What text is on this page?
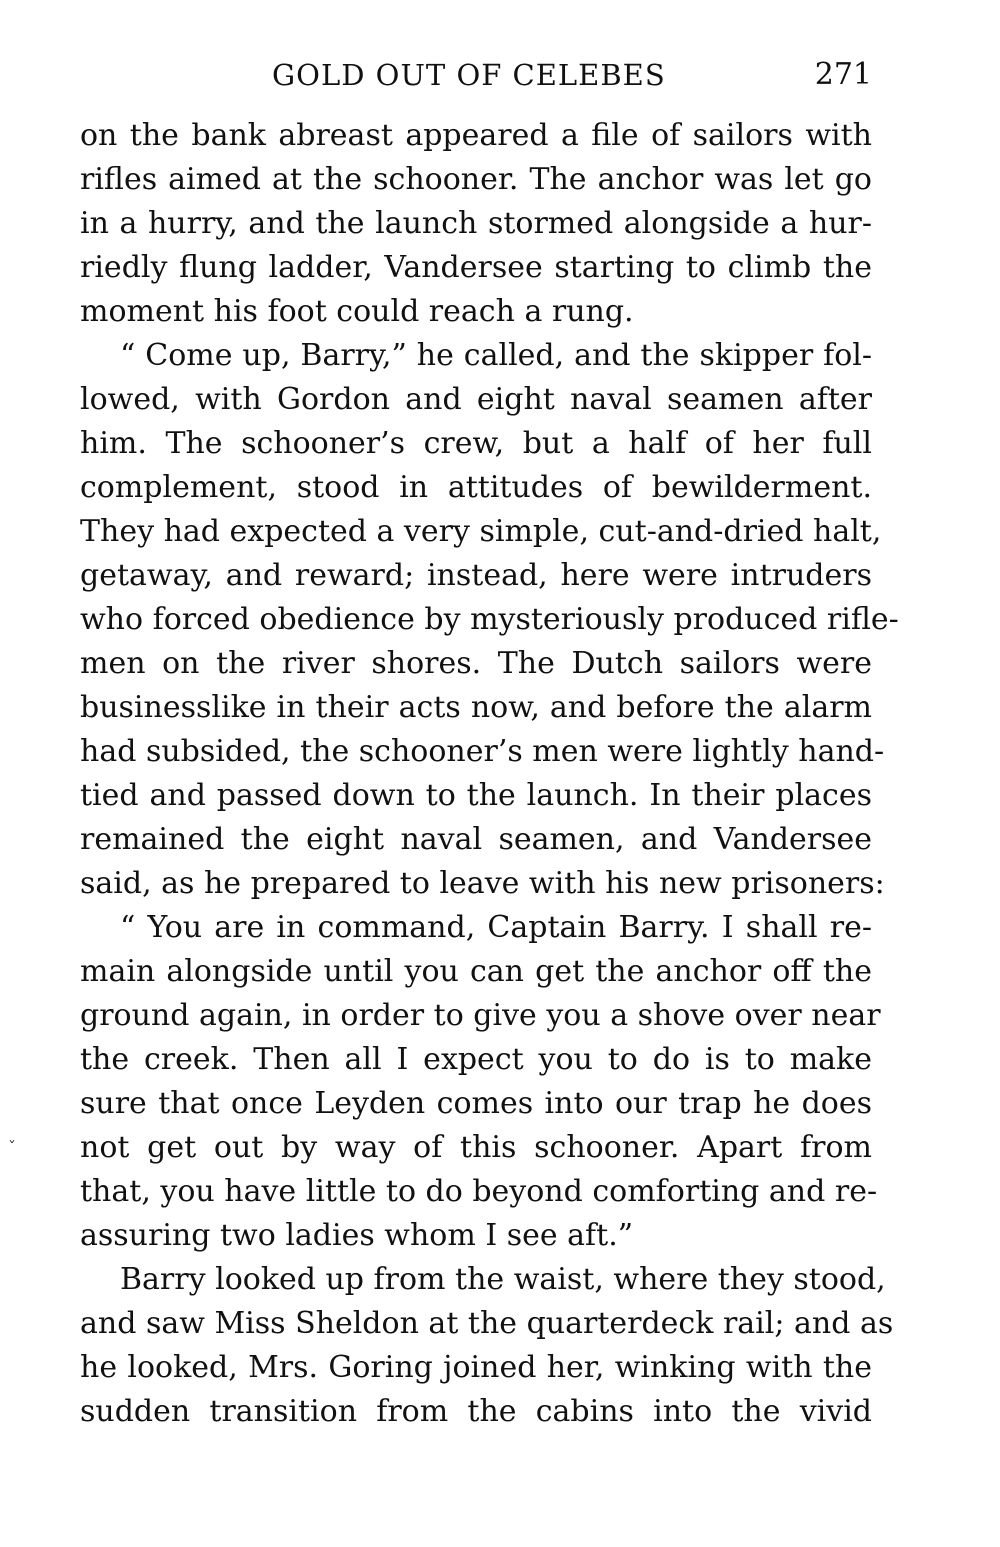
GOLD OUT OF CELEBES	271
on the bank abreast appeared a file of sailors with
rifles aimed at the schooner. The anchor was let go
in a hurry, and the launch stormed alongside a hur-
riedly flung ladder, Vandersee starting to climb the
moment his foot could reach a rung.
“ Come up, Barry,” he called, and the skipper fol-
lowed, with Gordon and eight naval seamen after
him. The schooner’s crew, but a half of her full
complement, stood in attitudes of bewilderment.
They had expected a very simple, cut-and-dried halt,
getaway, and reward; instead, here were intruders
who forced obedience by mysteriously produced rifle-
men on the river shores. The Dutch sailors were
businesslike in their acts now, and before the alarm
had subsided, the schooner’s men were lightly hand-
tied and passed down to the launch. In their places
remained the eight naval seamen, and Vandersee
said, as he prepared to leave with his new prisoners:
“ You are in command, Captain Barry. I shall re-
main alongside until you can get the anchor off the
ground again, in order to give you a shove over near
the creek. Then all I expect you to do is to make
sure that once Leyden comes into our trap he does
not get out by way of this schooner. Apart from
that, you have little to do beyond comforting and re-
assuring two ladies whom I see aft.”
Barry looked up from the waist, where they stood,
and saw Miss Sheldon at the quarterdeck rail; and as
he looked, Mrs. Goring joined her, winking with the
sudden transition from the cabins into the vivid
ˇ
